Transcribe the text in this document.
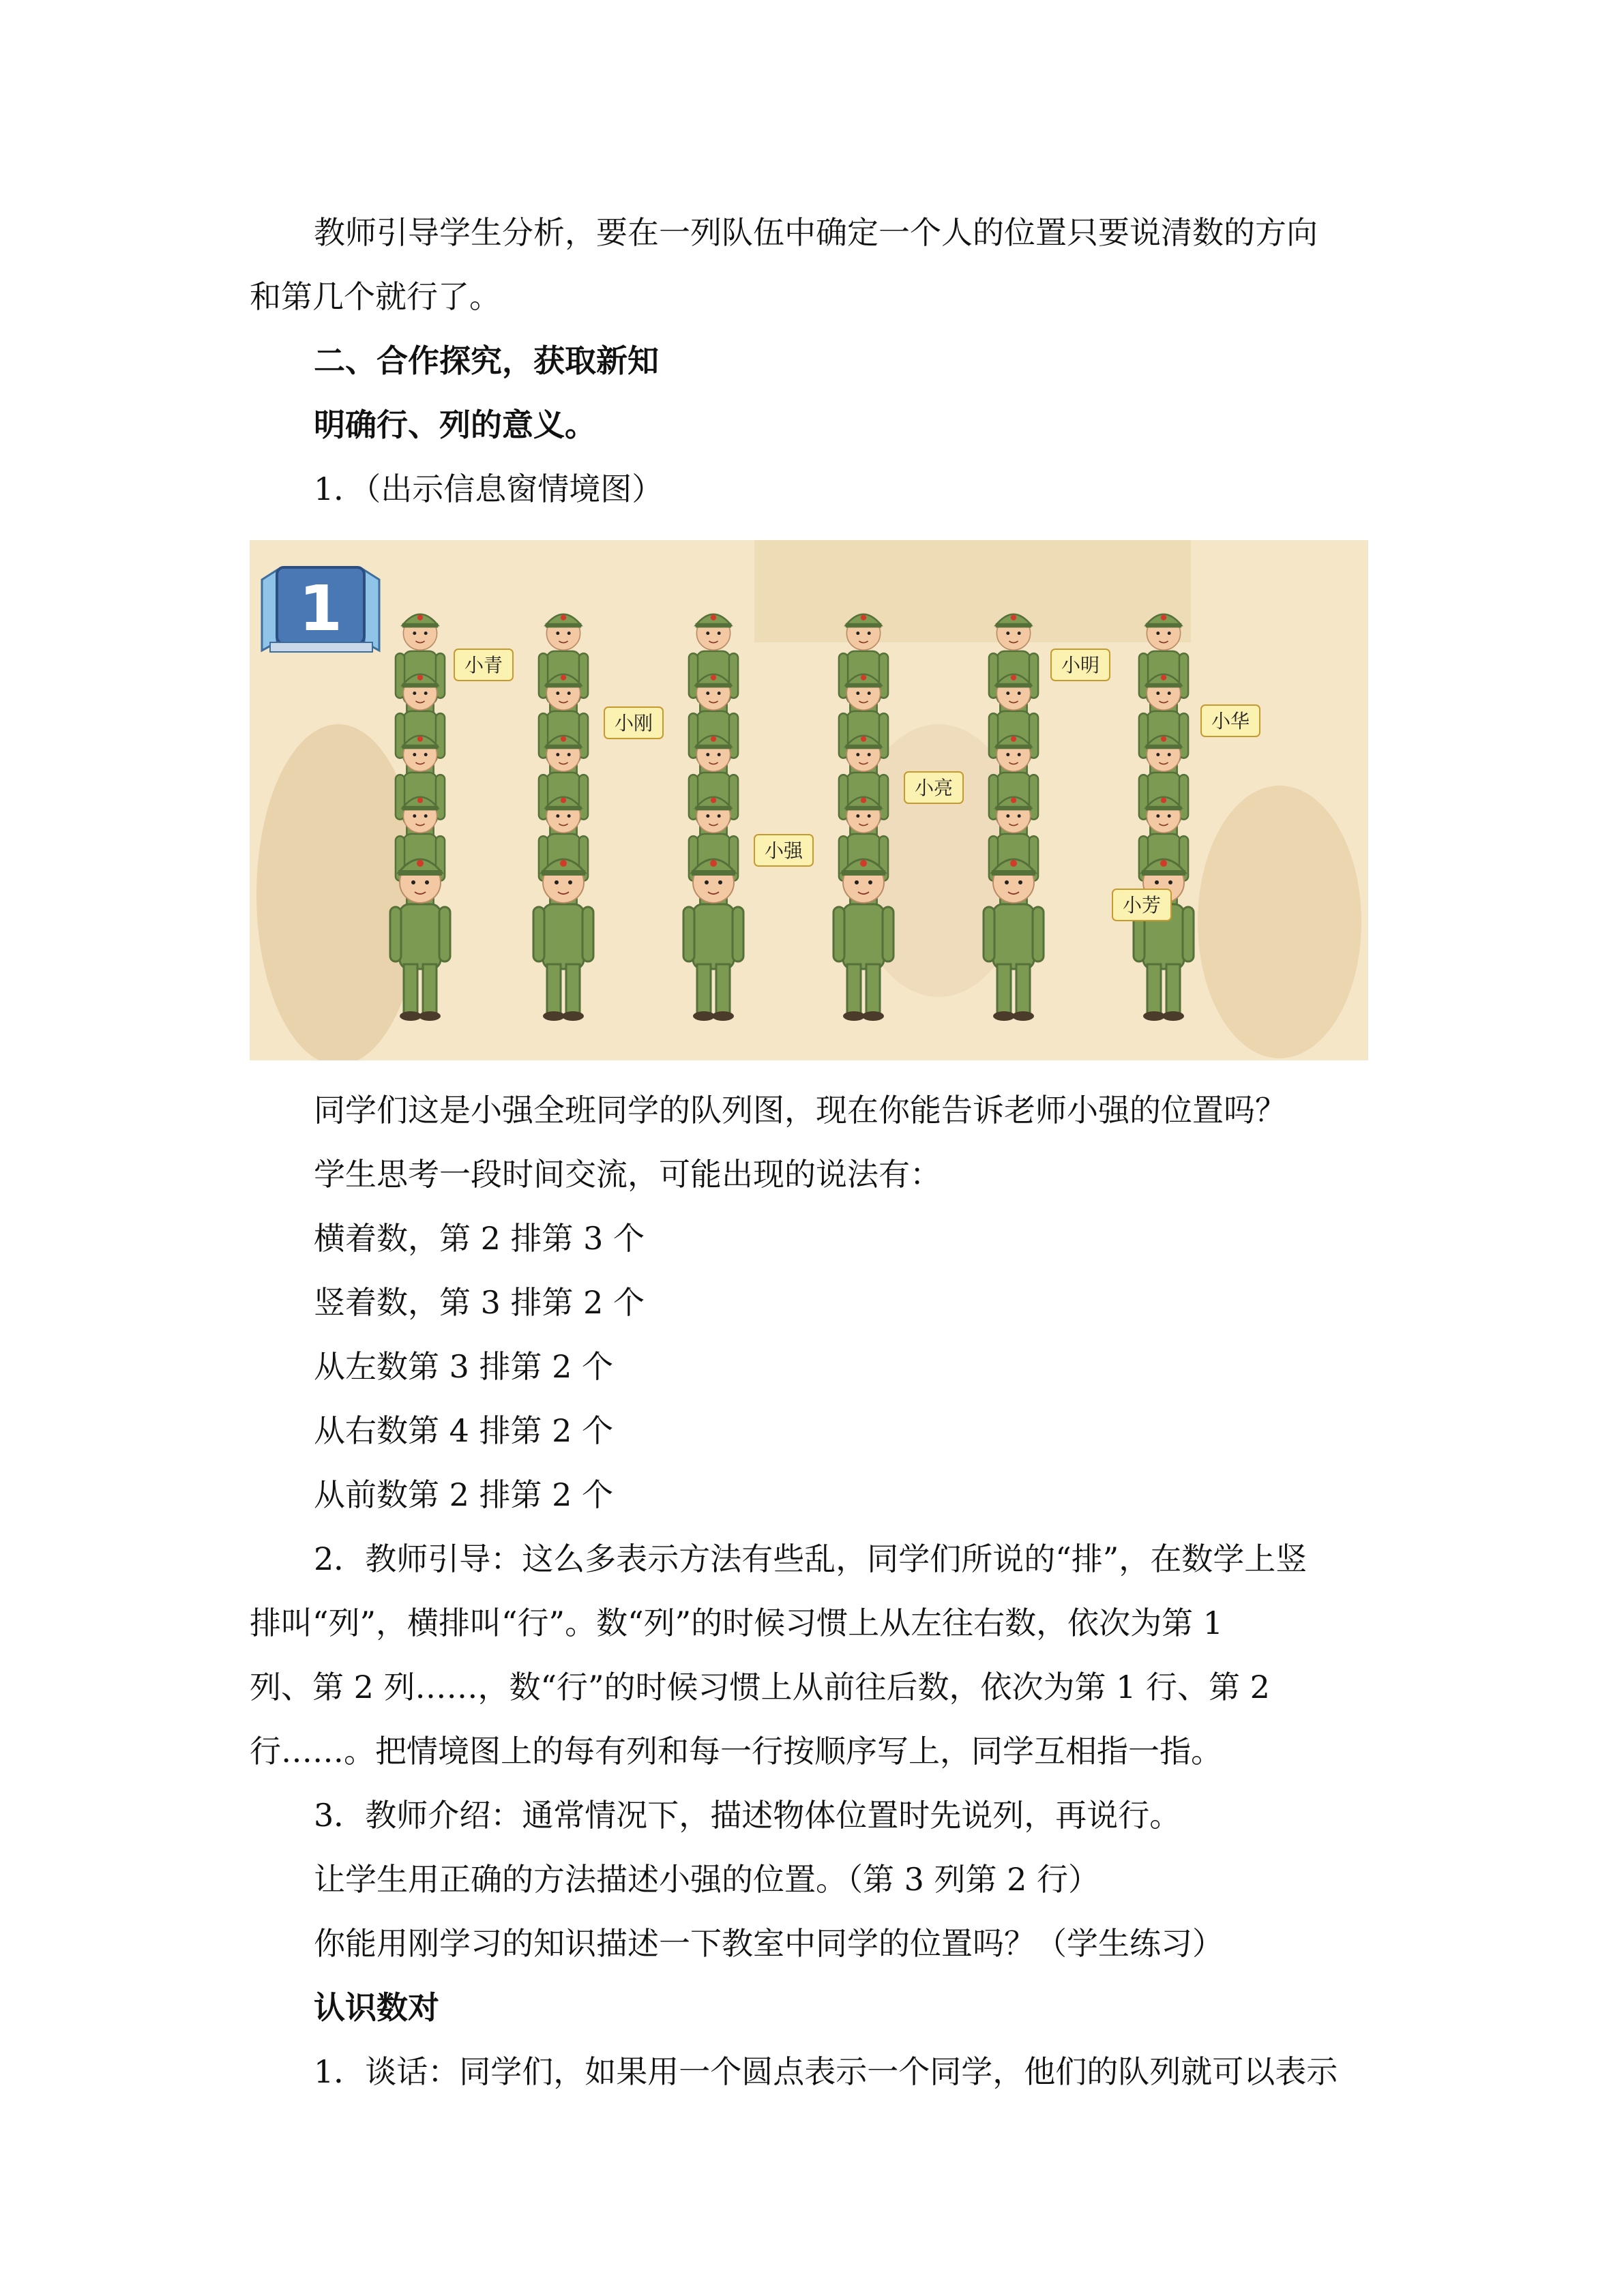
教师引导学生分析，要在一列队伍中确定一个人的位置只要说清数的方向

和第几个就行了。

二、合作探究，获取新知

明确行、列的意义。

1．（出示信息窗情境图）

1
小青
小刚
小强
小亮
小明
小华
小芳

同学们这是小强全班同学的队列图，现在你能告诉老师小强的位置吗？

学生思考一段时间交流，可能出现的说法有：

横着数，第 2 排第 3 个

竖着数，第 3 排第 2 个

从左数第 3 排第 2 个

从右数第 4 排第 2 个

从前数第 2 排第 2 个

2．教师引导：这么多表示方法有些乱，同学们所说的“排”，在数学上竖

排叫“列”，横排叫“行”。数“列”的时候习惯上从左往右数，依次为第 1

列、第 2 列……，数“行”的时候习惯上从前往后数，依次为第 1 行、第 2

行……。把情境图上的每有列和每一行按顺序写上，同学互相指一指。

3．教师介绍：通常情况下，描述物体位置时先说列，再说行。

让学生用正确的方法描述小强的位置。（第 3 列第 2 行）

你能用刚学习的知识描述一下教室中同学的位置吗？（学生练习）

认识数对

1．谈话：同学们，如果用一个圆点表示一个同学，他们的队列就可以表示
